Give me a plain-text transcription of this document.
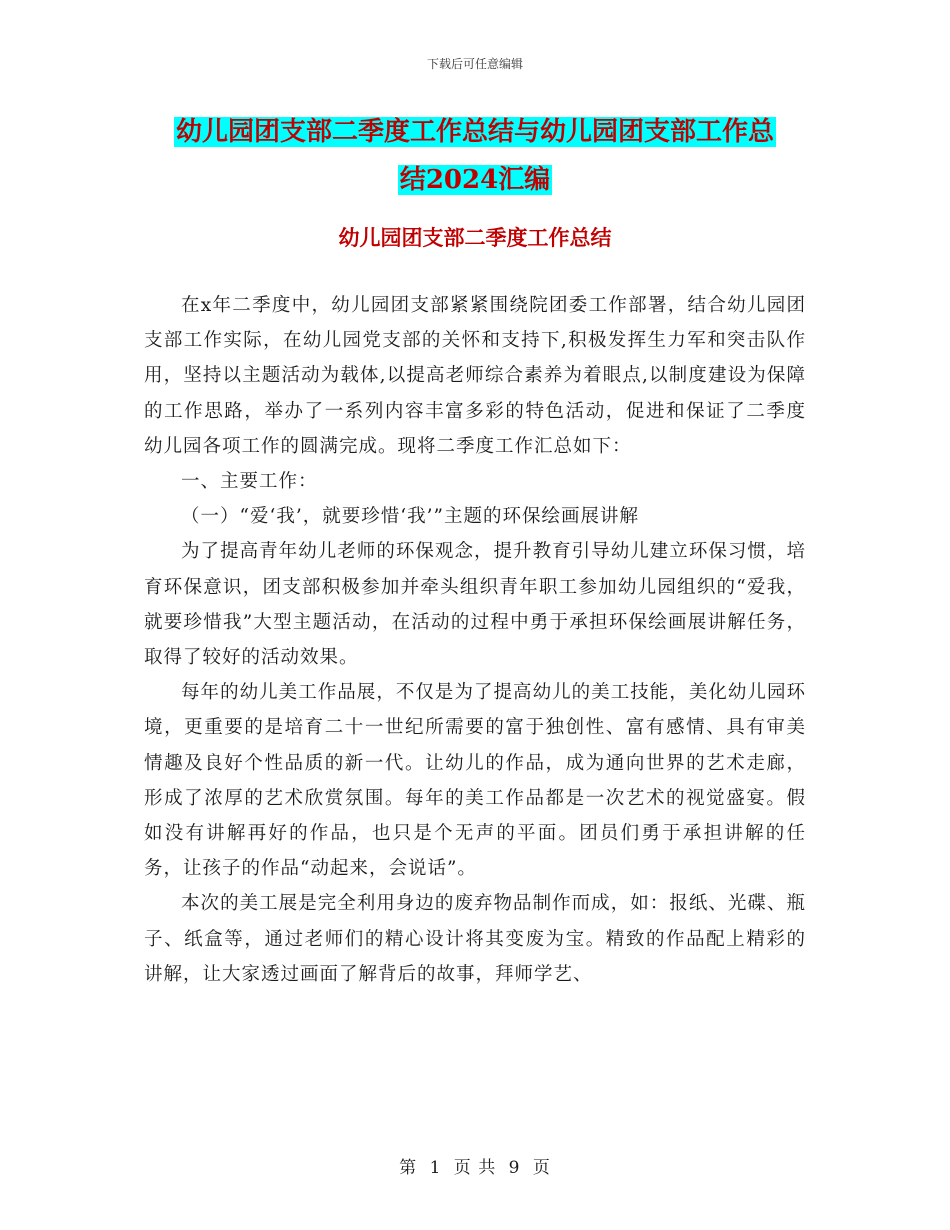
下载后可任意编辑
幼儿园团支部二季度工作总结与幼儿园团支部工作总
结2024汇编
幼儿园团支部二季度工作总结

在x年二季度中，幼儿园团支部紧紧围绕院团委工作部署，结合幼儿园团支部工作实际，在幼儿园党支部的关怀和支持下,积极发挥生力军和突击队作用，坚持以主题活动为载体,以提高老师综合素养为着眼点,以制度建设为保障的工作思路，举办了一系列内容丰富多彩的特色活动，促进和保证了二季度幼儿园各项工作的圆满完成。现将二季度工作汇总如下：

一、主要工作：

（一）“爱‘我’，就要珍惜‘我’”主题的环保绘画展讲解

为了提高青年幼儿老师的环保观念，提升教育引导幼儿建立环保习惯，培育环保意识，团支部积极参加并牵头组织青年职工参加幼儿园组织的“爱我，就要珍惜我”大型主题活动，在活动的过程中勇于承担环保绘画展讲解任务，取得了较好的活动效果。

每年的幼儿美工作品展，不仅是为了提高幼儿的美工技能，美化幼儿园环境，更重要的是培育二十一世纪所需要的富于独创性、富有感情、具有审美情趣及良好个性品质的新一代。让幼儿的作品，成为通向世界的艺术走廊，形成了浓厚的艺术欣赏氛围。每年的美工作品都是一次艺术的视觉盛宴。假如没有讲解再好的作品，也只是个无声的平面。团员们勇于承担讲解的任务，让孩子的作品“动起来，会说话”。

本次的美工展是完全利用身边的废弃物品制作而成，如：报纸、光碟、瓶子、纸盒等，通过老师们的精心设计将其变废为宝。精致的作品配上精彩的讲解，让大家透过画面了解背后的故事，拜师学艺、

第 1 页 共 9 页
